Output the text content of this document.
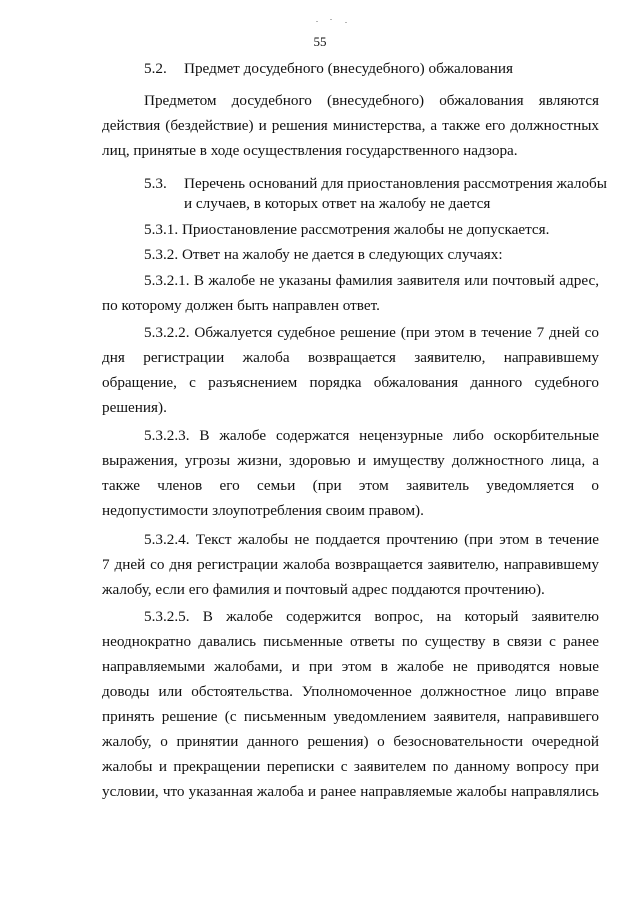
55
5.2. Предмет досудебного (внесудебного) обжалования
Предметом досудебного (внесудебного) обжалования являются
действия (бездействие) и решения министерства, а также его должностных
лиц, принятые в ходе осуществления государственного надзора.
5.3. Перечень оснований для приостановления рассмотрения жалобы
и случаев, в которых ответ на жалобу не дается
5.3.1. Приостановление рассмотрения жалобы не допускается.
5.3.2. Ответ на жалобу не дается в следующих случаях:
5.3.2.1. В жалобе не указаны фамилия заявителя или почтовый адрес,
по которому должен быть направлен ответ.
5.3.2.2. Обжалуется судебное решение (при этом в течение 7 дней со
дня регистрации жалоба возвращается заявителю, направившему
обращение, с разъяснением порядка обжалования данного судебного
решения).
5.3.2.3. В жалобе содержатся нецензурные либо оскорбительные
выражения, угрозы жизни, здоровью и имуществу должностного лица, а
также членов его семьи (при этом заявитель уведомляется о
недопустимости злоупотребления своим правом).
5.3.2.4. Текст жалобы не поддается прочтению (при этом в течение
7 дней со дня регистрации жалоба возвращается заявителю, направившему
жалобу, если его фамилия и почтовый адрес поддаются прочтению).
5.3.2.5. В жалобе содержится вопрос, на который заявителю
неоднократно давались письменные ответы по существу в связи с ранее
направляемыми жалобами, и при этом в жалобе не приводятся новые
доводы или обстоятельства. Уполномоченное должностное лицо вправе
принять решение (с письменным уведомлением заявителя, направившего
жалобу, о принятии данного решения) о безосновательности очередной
жалобы и прекращении переписки с заявителем по данному вопросу при
условии, что указанная жалоба и ранее направляемые жалобы направлялись
